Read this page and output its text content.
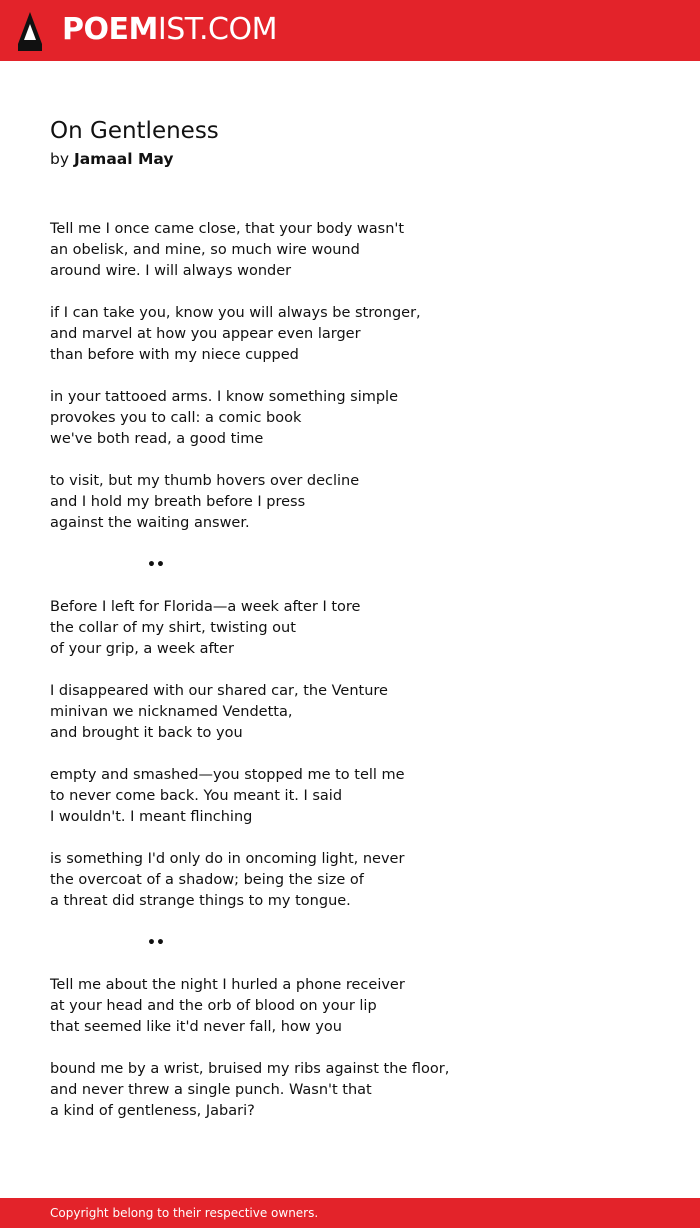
POEMIST.COM
On Gentleness

by Jamaal May

Tell me I once came close, that your body wasn't
an obelisk, and mine, so much wire wound
around wire. I will always wonder
if I can take you, know you will always be stronger,
and marvel at how you appear even larger
than before with my niece cupped
in your tattooed arms. I know something simple
provokes you to call: a comic book
we've both read, a good time
to visit, but my thumb hovers over decline
and I hold my breath before I press
against the waiting answer.
••
Before I left for Florida—a week after I tore
the collar of my shirt, twisting out
of your grip, a week after
I disappeared with our shared car, the Venture
minivan we nicknamed Vendetta,
and brought it back to you
empty and smashed—you stopped me to tell me
to never come back. You meant it. I said
I wouldn't. I meant flinching
is something I'd only do in oncoming light, never
the overcoat of a shadow; being the size of
a threat did strange things to my tongue.
••
Tell me about the night I hurled a phone receiver
at your head and the orb of blood on your lip
that seemed like it'd never fall, how you
bound me by a wrist, bruised my ribs against the floor,
and never threw a single punch. Wasn't that
a kind of gentleness, Jabari?
Copyright belong to their respective owners.
